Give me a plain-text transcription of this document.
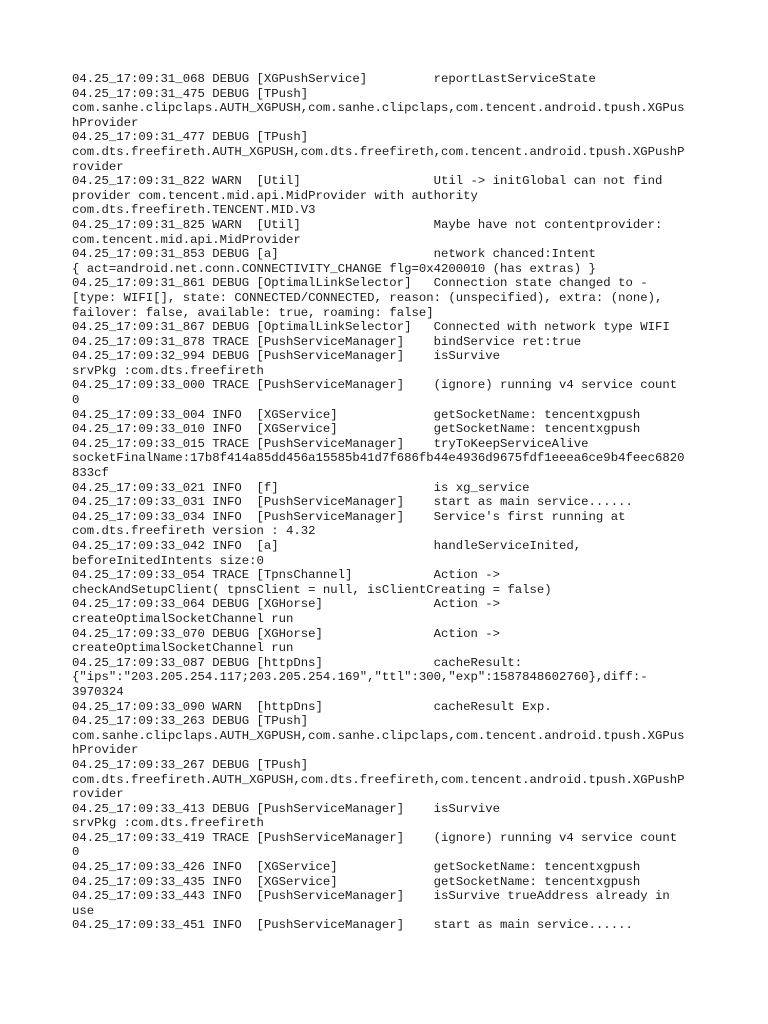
04.25_17:09:31_068 DEBUG [XGPushService]         reportLastServiceState
04.25_17:09:31_475 DEBUG [TPush]
com.sanhe.clipclaps.AUTH_XGPUSH,com.sanhe.clipclaps,com.tencent.android.tpush.XGPus
hProvider
04.25_17:09:31_477 DEBUG [TPush]
com.dts.freefireth.AUTH_XGPUSH,com.dts.freefireth,com.tencent.android.tpush.XGPushP
rovider
04.25_17:09:31_822 WARN  [Util]                  Util -> initGlobal can not find
provider com.tencent.mid.api.MidProvider with authority
com.dts.freefireth.TENCENT.MID.V3
04.25_17:09:31_825 WARN  [Util]                  Maybe have not contentprovider:
com.tencent.mid.api.MidProvider
04.25_17:09:31_853 DEBUG [a]                     network chanced:Intent
{ act=android.net.conn.CONNECTIVITY_CHANGE flg=0x4200010 (has extras) }
04.25_17:09:31_861 DEBUG [OptimalLinkSelector]   Connection state changed to -
[type: WIFI[], state: CONNECTED/CONNECTED, reason: (unspecified), extra: (none),
failover: false, available: true, roaming: false]
04.25_17:09:31_867 DEBUG [OptimalLinkSelector]   Connected with network type WIFI
04.25_17:09:31_878 TRACE [PushServiceManager]    bindService ret:true
04.25_17:09:32_994 DEBUG [PushServiceManager]    isSurvive
srvPkg :com.dts.freefireth
04.25_17:09:33_000 TRACE [PushServiceManager]    (ignore) running v4 service count
0
04.25_17:09:33_004 INFO  [XGService]             getSocketName: tencentxgpush
04.25_17:09:33_010 INFO  [XGService]             getSocketName: tencentxgpush
04.25_17:09:33_015 TRACE [PushServiceManager]    tryToKeepServiceAlive
socketFinalName:17b8f414a85dd456a15585b41d7f686fb44e4936d9675fdf1eeea6ce9b4feec6820
833cf
04.25_17:09:33_021 INFO  [f]                     is xg_service
04.25_17:09:33_031 INFO  [PushServiceManager]    start as main service......
04.25_17:09:33_034 INFO  [PushServiceManager]    Service's first running at
com.dts.freefireth version : 4.32
04.25_17:09:33_042 INFO  [a]                     handleServiceInited,
beforeInitedIntents size:0
04.25_17:09:33_054 TRACE [TpnsChannel]           Action ->
checkAndSetupClient( tpnsClient = null, isClientCreating = false)
04.25_17:09:33_064 DEBUG [XGHorse]               Action ->
createOptimalSocketChannel run
04.25_17:09:33_070 DEBUG [XGHorse]               Action ->
createOptimalSocketChannel run
04.25_17:09:33_087 DEBUG [httpDns]               cacheResult:
{"ips":"203.205.254.117;203.205.254.169","ttl":300,"exp":1587848602760},diff:-
3970324
04.25_17:09:33_090 WARN  [httpDns]               cacheResult Exp.
04.25_17:09:33_263 DEBUG [TPush]
com.sanhe.clipclaps.AUTH_XGPUSH,com.sanhe.clipclaps,com.tencent.android.tpush.XGPus
hProvider
04.25_17:09:33_267 DEBUG [TPush]
com.dts.freefireth.AUTH_XGPUSH,com.dts.freefireth,com.tencent.android.tpush.XGPushP
rovider
04.25_17:09:33_413 DEBUG [PushServiceManager]    isSurvive
srvPkg :com.dts.freefireth
04.25_17:09:33_419 TRACE [PushServiceManager]    (ignore) running v4 service count
0
04.25_17:09:33_426 INFO  [XGService]             getSocketName: tencentxgpush
04.25_17:09:33_435 INFO  [XGService]             getSocketName: tencentxgpush
04.25_17:09:33_443 INFO  [PushServiceManager]    isSurvive trueAddress already in
use
04.25_17:09:33_451 INFO  [PushServiceManager]    start as main service......
